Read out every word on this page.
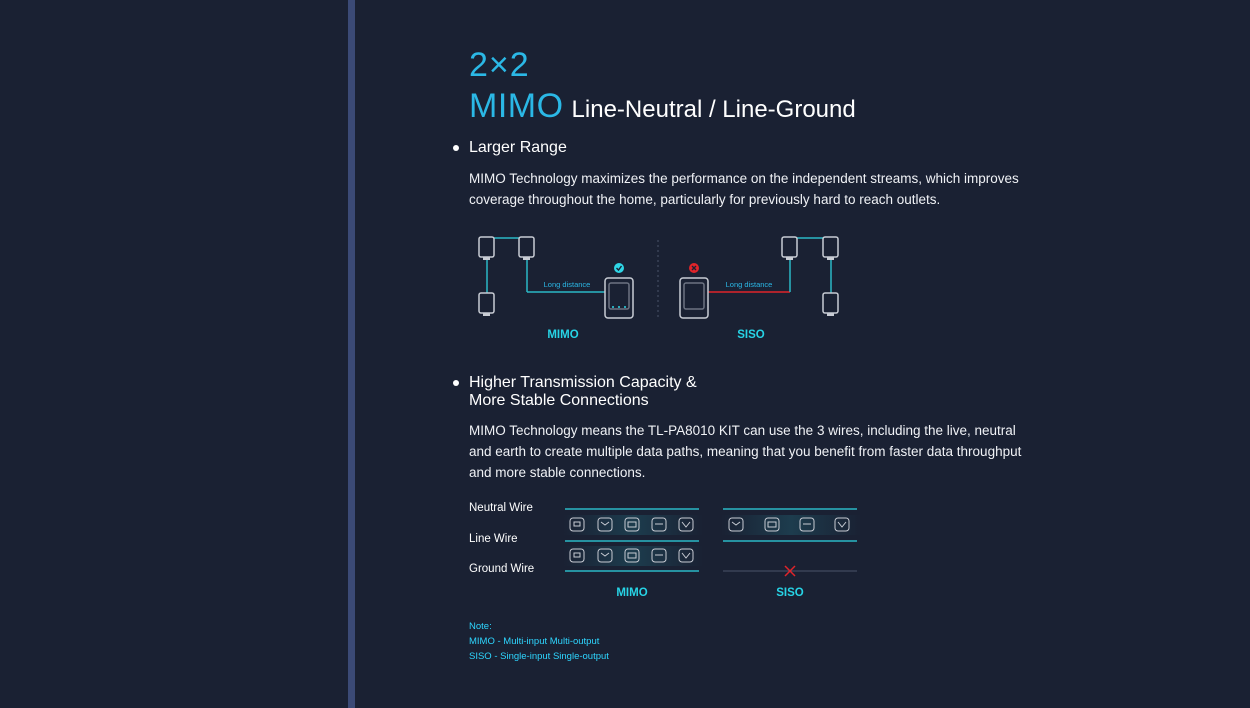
2×2
MIMO Line-Neutral / Line-Ground
Larger Range
MIMO Technology maximizes the performance on the independent streams, which improves coverage throughout the home, particularly for previously hard to reach outlets.
Long distance	Long distance
MIMO	SISO
Higher Transmission Capacity &
More Stable Connections
MIMO Technology means the TL-PA8010 KIT can use the 3 wires, including the live, neutral and earth to create multiple data paths, meaning that you benefit from faster data throughput and more stable connections.
Neutral Wire
Line Wire
Ground Wire
MIMO	SISO
Note:
MIMO - Multi-input Multi-output
SISO - Single-input Single-output
